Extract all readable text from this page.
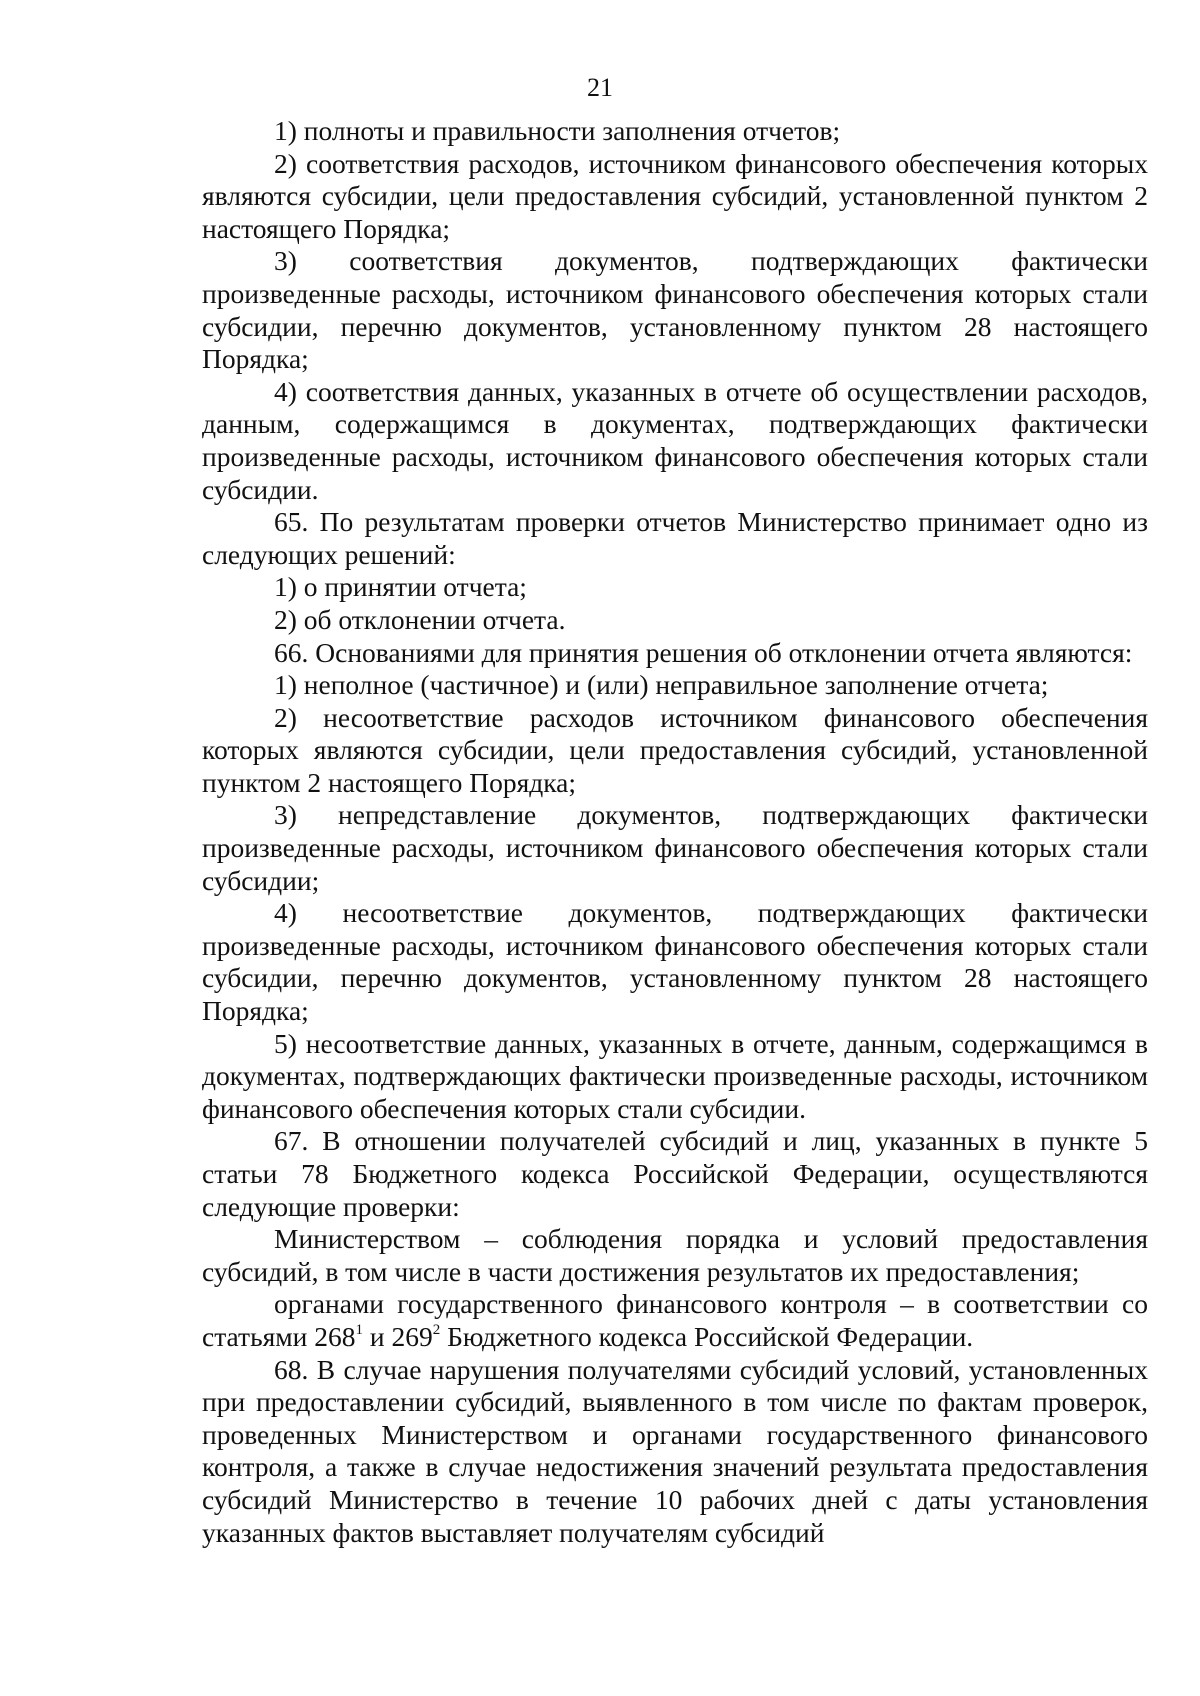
21

1) полноты и правильности заполнения отчетов;

2) соответствия расходов, источником финансового обеспечения которых являются субсидии, цели предоставления субсидий, установленной пунктом 2 настоящего Порядка;

3) соответствия документов, подтверждающих фактически произведенные расходы, источником финансового обеспечения которых стали субсидии, перечню документов, установленному пунктом 28 настоящего Порядка;

4) соответствия данных, указанных в отчете об осуществлении расходов, данным, содержащимся в документах, подтверждающих фактически произведенные расходы, источником финансового обеспечения которых стали субсидии.

65. По результатам проверки отчетов Министерство принимает одно из следующих решений:

1) о принятии отчета;

2) об отклонении отчета.

66. Основаниями для принятия решения об отклонении отчета являются:

1) неполное (частичное) и (или) неправильное заполнение отчета;

2) несоответствие расходов источником финансового обеспечения которых являются субсидии, цели предоставления субсидий, установленной пунктом 2 настоящего Порядка;

3) непредставление документов, подтверждающих фактически произведенные расходы, источником финансового обеспечения которых стали субсидии;

4) несоответствие документов, подтверждающих фактически произведенные расходы, источником финансового обеспечения которых стали субсидии, перечню документов, установленному пунктом 28 настоящего Порядка;

5) несоответствие данных, указанных в отчете, данным, содержащимся в документах, подтверждающих фактически произведенные расходы, источником финансового обеспечения которых стали субсидии.

67. В отношении получателей субсидий и лиц, указанных в пункте 5 статьи 78 Бюджетного кодекса Российской Федерации, осуществляются следующие проверки:

Министерством – соблюдения порядка и условий предоставления субсидий, в том числе в части достижения результатов их предоставления;

органами государственного финансового контроля – в соответствии со статьями $268^1$ и $269^2$ Бюджетного кодекса Российской Федерации.

68. В случае нарушения получателями субсидий условий, установленных при предоставлении субсидий, выявленного в том числе по фактам проверок, проведенных Министерством и органами государственного финансового контроля, а также в случае недостижения значений результата предоставления субсидий Министерство в течение 10 рабочих дней с даты установления указанных фактов выставляет получателям субсидий
